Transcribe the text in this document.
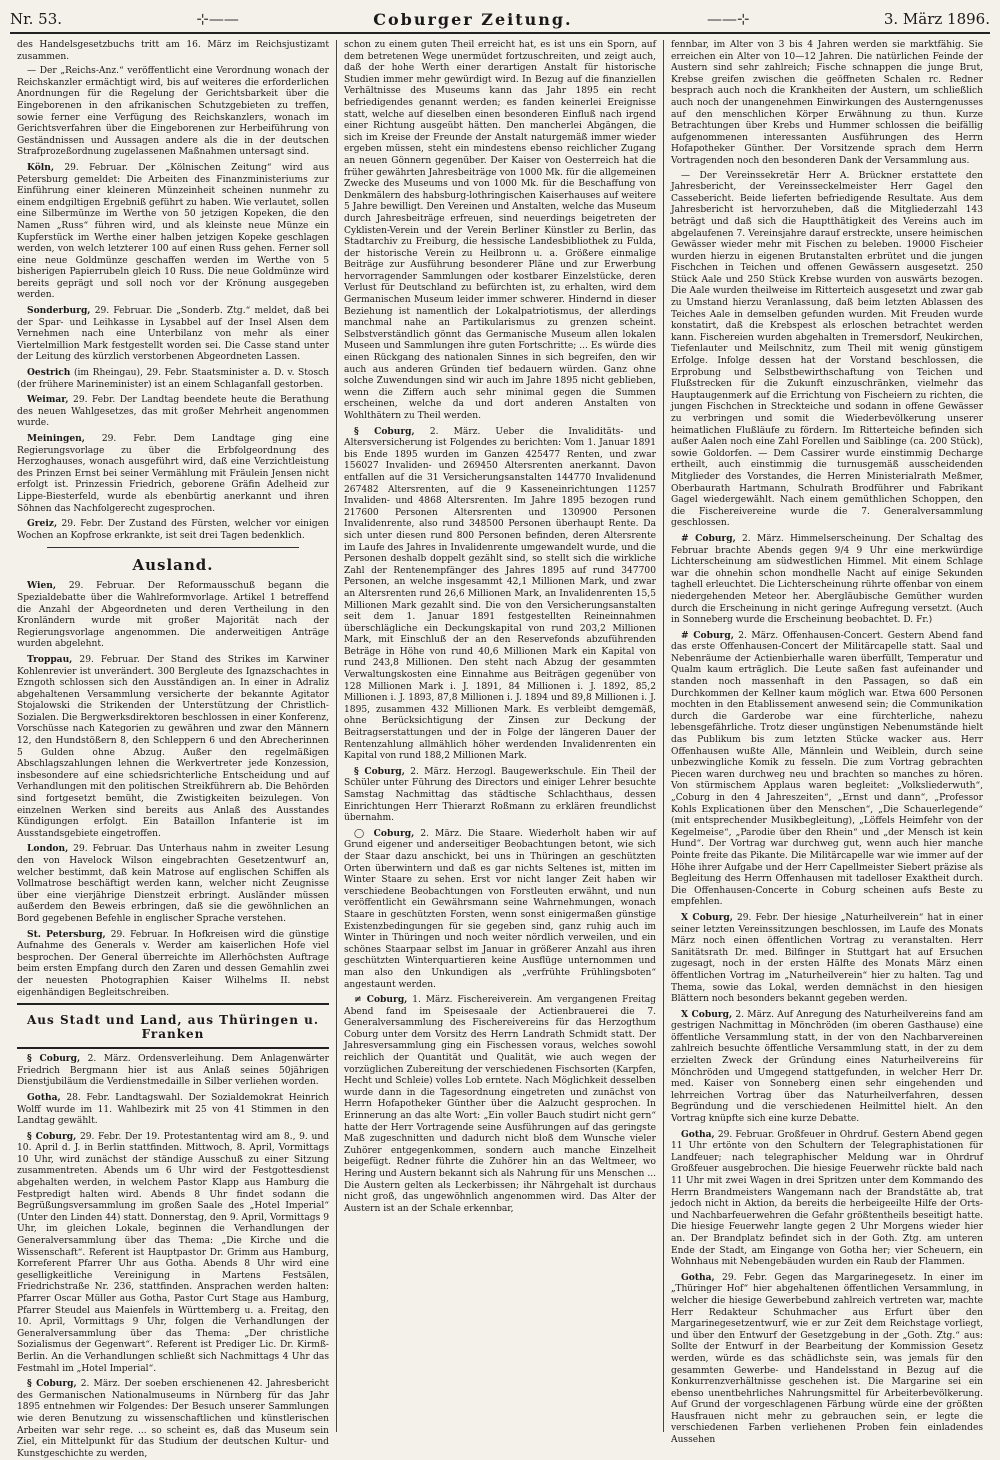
Nr. 53.	⊹——	Coburger Zeitung.	——⊹	3. März 1896.

des Handelsgesetzbuchs tritt am 16. März im Reichsjustizamt zusammen.

— Der „Reichs-Anz.“ veröffentlicht eine Verordnung wonach der Reichskanzler ermächtigt wird, bis auf weiteres die erforderlichen Anordnungen für die Regelung der Gerichtsbarkeit über die Eingeborenen in den afrikanischen Schutzgebieten zu treffen, sowie ferner eine Verfügung des Reichskanzlers, wonach im Gerichtsverfahren über die Eingeborenen zur Herbeiführung von Geständnissen und Aussagen andere als die in der deutschen Strafprozeßordnung zugelassenen Maßnahmen untersagt sind.

Köln, 29. Februar. Der „Kölnischen Zeitung“ wird aus Petersburg gemeldet: Die Arbeiten des Finanzministeriums zur Einführung einer kleineren Münzeinheit scheinen nunmehr zu einem endgiltigen Ergebniß geführt zu haben. Wie verlautet, sollen eine Silbermünze im Werthe von 50 jetzigen Kopeken, die den Namen „Russ“ führen wird, und als kleinste neue Münze ein Kupferstück im Werthe einer halben jetzigen Kopeke geschlagen werden, von welch letzterer 100 auf einen Russ gehen. Ferner soll eine neue Goldmünze geschaffen werden im Werthe von 5 bisherigen Papierrubeln gleich 10 Russ. Die neue Goldmünze wird bereits geprägt und soll noch vor der Krönung ausgegeben werden.

Sonderburg, 29. Februar. Die „Sonderb. Ztg.“ meldet, daß bei der Spar- und Leihkasse in Lysabbel auf der Insel Alsen dem Vernehmen nach eine Unterbilanz von mehr als einer Viertelmillion Mark festgestellt worden sei. Die Casse stand unter der Leitung des kürzlich verstorbenen Abgeordneten Lassen.

Oestrich (im Rheingau), 29. Febr. Staatsminister a. D. v. Stosch (der frühere Marineminister) ist an einem Schlaganfall gestorben.

Weimar, 29. Febr. Der Landtag beendete heute die Berathung des neuen Wahlgesetzes, das mit großer Mehrheit angenommen wurde.

Meiningen, 29. Febr. Dem Landtage ging eine Regierungsvorlage zu über die Erbfolgeordnung des Herzoghauses, wonach ausgeführt wird, daß eine Verzichtleistung des Prinzen Ernst bei seiner Vermählung mit Fräulein Jensen nicht erfolgt ist. Prinzessin Friedrich, geborene Gräfin Adelheid zur Lippe-Biesterfeld, wurde als ebenbürtig anerkannt und ihren Söhnen das Nachfolgerecht zugesprochen.

Greiz, 29. Febr. Der Zustand des Fürsten, welcher vor einigen Wochen an Kopfrose erkrankte, ist seit drei Tagen bedenklich.

Ausland.

Wien, 29. Februar. Der Reformausschuß begann die Spezialdebatte über die Wahlreformvorlage. Artikel 1 betreffend die Anzahl der Abgeordneten und deren Vertheilung in den Kronländern wurde mit großer Majorität nach der Regierungsvorlage angenommen. Die anderweitigen Anträge wurden abgelehnt.

Troppau, 29. Februar. Der Stand des Strikes im Karwiner Kohlenrevier ist unverändert. 300 Bergleute des Ignazschachtes in Ezngoth schlossen sich den Ausständigen an. In einer in Adraliz abgehaltenen Versammlung versicherte der bekannte Agitator Stojalowski die Strikenden der Unterstützung der Christlich-Sozialen. Die Bergwerksdirektoren beschlossen in einer Konferenz, Vorschüsse nach Kategorien zu gewähren und zwar den Männern 12, den Hundstößern 8, den Schleppern 6 und den Abrecherinnen 5 Gulden ohne Abzug. Außer den regelmäßigen Abschlagszahlungen lehnen die Werkvertreter jede Konzession, insbesondere auf eine schiedsrichterliche Entscheidung und auf Verhandlungen mit den politischen Streikführern ab. Die Behörden sind fortgesetzt bemüht, die Zwistigkeiten beizulegen. Von einzelnen Werken sind bereits aus Anlaß des Ausstandes Kündigungen erfolgt. Ein Bataillon Infanterie ist im Ausstandsgebiete eingetroffen.

London, 29. Februar. Das Unterhaus nahm in zweiter Lesung den von Havelock Wilson eingebrachten Gesetzentwurf an, welcher bestimmt, daß kein Matrose auf englischen Schiffen als Vollmatrose beschäftigt werden kann, welcher nicht Zeugnisse über eine vierjährige Dienstzeit erbringt. Ausländer müssen außerdem den Beweis erbringen, daß sie die gewöhnlichen an Bord gegebenen Befehle in englischer Sprache verstehen.

St. Petersburg, 29. Februar. In Hofkreisen wird die günstige Aufnahme des Generals v. Werder am kaiserlichen Hofe viel besprochen. Der General überreichte im Allerhöchsten Auftrage beim ersten Empfang durch den Zaren und dessen Gemahlin zwei der neuesten Photographien Kaiser Wilhelms II. nebst eigenhändigen Begleitschreiben.

Aus Stadt und Land, aus Thüringen u. Franken

§ Coburg, 2. März. Ordensverleihung. Dem Anlagenwärter Friedrich Bergmann hier ist aus Anlaß seines 50jährigen Dienstjubiläum die Verdienstmedaille in Silber verliehen worden.

Gotha, 28. Febr. Landtagswahl. Der Sozialdemokrat Heinrich Wolff wurde im 11. Wahlbezirk mit 25 von 41 Stimmen in den Landtag gewählt.

§ Coburg, 29. Febr. Der 19. Protestantentag wird am 8., 9. und 10. April d. J. in Berlin stattfinden. Mittwoch, 8. April, Vormittags 10 Uhr, wird zunächst der ständige Ausschuß zu einer Sitzung zusammentreten. Abends um 6 Uhr wird der Festgottesdienst abgehalten werden, in welchem Pastor Klapp aus Hamburg die Festpredigt halten wird. Abends 8 Uhr findet sodann die Begrüßungsversammlung im großen Saale des „Hotel Imperial“ (Unter den Linden 44) statt. Donnerstag, den 9. April, Vormittags 9 Uhr, im gleichen Lokale, beginnen die Verhandlungen der Generalversammlung über das Thema: „Die Kirche und die Wissenschaft“. Referent ist Hauptpastor Dr. Grimm aus Hamburg, Korreferent Pfarrer Uhr aus Gotha. Abends 8 Uhr wird eine geselligkeitliche Vereinigung in Martens Festsälen, Friedrichstraße Nr. 236, stattfinden. Ansprachen werden halten: Pfarrer Oscar Müller aus Gotha, Pastor Curt Stage aus Hamburg, Pfarrer Steudel aus Maienfels in Württemberg u. a. Freitag, den 10. April, Vormittags 9 Uhr, folgen die Verhandlungen der Generalversammlung über das Thema: „Der christliche Sozialismus der Gegenwart“. Referent ist Prediger Lic. Dr. Kirmß-Berlin. An die Verhandlungen schließt sich Nachmittags 4 Uhr das Festmahl im „Hotel Imperial“.

§ Coburg, 2. März. Der soeben erschienenen 42. Jahresbericht des Germanischen Nationalmuseums in Nürnberg für das Jahr 1895 entnehmen wir Folgendes: Der Besuch unserer Sammlungen wie deren Benutzung zu wissenschaftlichen und künstlerischen Arbeiten war sehr rege. ... so scheint es, daß das Museum sein Ziel, ein Mittelpunkt für das Studium der deutschen Kultur- und Kunstgeschichte zu werden,

schon zu einem guten Theil erreicht hat, es ist uns ein Sporn, auf dem betretenen Wege unermüdet fortzuschreiten, und zeigt auch, daß der hohe Werth einer derartigen Anstalt für historische Studien immer mehr gewürdigt wird. In Bezug auf die finanziellen Verhältnisse des Museums kann das Jahr 1895 ein recht befriedigendes genannt werden; es fanden keinerlei Ereignisse statt, welche auf dieselben einen besonderen Einfluß nach irgend einer Richtung ausgeübt hätten. Den mancherlei Abgängen, die sich im Kreise der Freunde der Anstalt naturgemäß immer wieder ergeben müssen, steht ein mindestens ebenso reichlicher Zugang an neuen Gönnern gegenüber. Der Kaiser von Oesterreich hat die früher gewährten Jahresbeiträge von 1000 Mk. für die allgemeinen Zwecke des Museums und von 1000 Mk. für die Beschaffung von Denkmälern des habsburg-lothringischen Kaiserhauses auf weitere 5 Jahre bewilligt. Den Vereinen und Anstalten, welche das Museum durch Jahresbeiträge erfreuen, sind neuerdings beigetreten der Cyklisten-Verein und der Verein Berliner Künstler zu Berlin, das Stadtarchiv zu Freiburg, die hessische Landesbibliothek zu Fulda, der historische Verein zu Heilbronn u. a. Größere einmalige Beiträge zur Ausführung besonderer Pläne und zur Erwerbung hervorragender Sammlungen oder kostbarer Einzelstücke, deren Verlust für Deutschland zu befürchten ist, zu erhalten, wird dem Germanischen Museum leider immer schwerer. Hindernd in dieser Beziehung ist namentlich der Lokalpatriotismus, der allerdings manchmal nahe an Partikularismus zu grenzen scheint. Selbstverständlich gönnt das Germanische Museum allen lokalen Museen und Sammlungen ihre guten Fortschritte; ... Es würde dies einen Rückgang des nationalen Sinnes in sich begreifen, den wir auch aus anderen Gründen tief bedauern würden. Ganz ohne solche Zuwendungen sind wir auch im Jahre 1895 nicht geblieben, wenn die Ziffern auch sehr minimal gegen die Summen erscheinen, welche da und dort anderen Anstalten von Wohlthätern zu Theil werden.

§ Coburg, 2. März. Ueber die Invaliditäts- und Altersversicherung ist Folgendes zu berichten: Vom 1. Januar 1891 bis Ende 1895 wurden im Ganzen 425477 Renten, und zwar 156027 Invaliden- und 269450 Altersrenten anerkannt. Davon entfallen auf die 31 Versicherungsanstalten 144770 Invalidenund 267482 Altersrenten, auf die 9 Kasseneinrichtungen 11257 Invaliden- und 4868 Altersrenten. Im Jahre 1895 bezogen rund 217600 Personen Altersrenten und 130900 Personen Invalidenrente, also rund 348500 Personen überhaupt Rente. Da sich unter diesen rund 800 Personen befinden, deren Altersrente im Laufe des Jahres in Invalidenrente umgewandelt wurde, und die Personen deshalb doppelt gezählt sind, so stellt sich die wirkliche Zahl der Rentenempfänger des Jahres 1895 auf rund 347700 Personen, an welche insgesammt 42,1 Millionen Mark, und zwar an Altersrenten rund 26,6 Millionen Mark, an Invalidenrenten 15,5 Millionen Mark gezahlt sind. Die von den Versicherungsanstalten seit dem 1. Januar 1891 festgestellten Reineinnahmen überschlägliche ein Deckungskapital von rund 203,2 Millionen Mark, mit Einschluß der an den Reservefonds abzuführenden Beträge in Höhe von rund 40,6 Millionen Mark ein Kapital von rund 243,8 Millionen. Den steht nach Abzug der gesammten Verwaltungskosten eine Einnahme aus Beiträgen gegenüber von 128 Millionen Mark i. J. 1891, 84 Millionen i. J. 1892, 85,2 Millionen i. J. 1893, 87,8 Millionen i. J. 1894 und 89,8 Millionen i. J. 1895, zusammen 432 Millionen Mark. Es verbleibt demgemäß, ohne Berücksichtigung der Zinsen zur Deckung der Beitragserstattungen und der in Folge der längeren Dauer der Rentenzahlung allmählich höher werdenden Invalidenrenten ein Kapital von rund 188,2 Millionen Mark.

§ Coburg, 2. März. Herzogl. Baugewerkschule. Ein Theil der Schüler unter Führung des Directors und einiger Lehrer besuchte Samstag Nachmittag das städtische Schlachthaus, dessen Einrichtungen Herr Thierarzt Roßmann zu erklären freundlichst übernahm.

◯ Coburg, 2. März. Die Staare. Wiederholt haben wir auf Grund eigener und anderseitiger Beobachtungen betont, wie sich der Staar dazu anschickt, bei uns in Thüringen an geschützten Orten überwintern und daß es gar nichts Seltenes ist, mitten im Winter Staare zu sehen. Erst vor nicht langer Zeit haben wir verschiedene Beobachtungen von Forstleuten erwähnt, und nun veröffentlicht ein Gewährsmann seine Wahrnehmungen, wonach Staare in geschützten Forsten, wenn sonst einigermaßen günstige Existenzbedingungen für sie gegeben sind, ganz ruhig auch im Winter in Thüringen und noch weiter nördlich verweilen, und ein schönes Staarpaar selbst im Januar in größerer Anzahl aus ihren geschützten Winterquartieren keine Ausflüge unternommen und man also den Unkundigen als „verfrühte Frühlingsboten“ angestaunt werden.

≠ Coburg, 1. März. Fischereiverein. Am vergangenen Freitag Abend fand im Speisesaale der Actienbrauerei die 7. Generalversammlung des Fischereivereins für das Herzogthum Coburg unter dem Vorsitz des Herrn Landrath Schmidt statt. Der Jahresversammlung ging ein Fischessen voraus, welches sowohl reichlich der Quantität und Qualität, wie auch wegen der vorzüglichen Zubereitung der verschiedenen Fischsorten (Karpfen, Hecht und Schleie) volles Lob erntete. Nach Möglichkeit desselben wurde dann in die Tagesordnung eingetreten und zunächst von Herrn Hofapotheker Günther über die Aalzucht gesprochen. In Erinnerung an das alte Wort: „Ein voller Bauch studirt nicht gern“ hatte der Herr Vortragende seine Ausführungen auf das geringste Maß zugeschnitten und dadurch nicht bloß dem Wunsche vieler Zuhörer entgegenkommen, sondern auch manche Einzelheit beigefügt. Redner führte die Zuhörer hin an das Weltmeer, wo Hering und Austern bekannt sich als Nahrung für uns Menschen ... Die Austern gelten als Leckerbissen; ihr Nährgehalt ist durchaus nicht groß, das ungewöhnlich angenommen wird. Das Alter der Austern ist an der Schale erkennbar,

fennbar, im Alter von 3 bis 4 Jahren werden sie marktfähig. Sie erreichen ein Alter von 10—12 Jahren. Die natürlichen Feinde der Austern sind sehr zahlreich; Fische schnappen die junge Brut, Krebse greifen zwischen die geöffneten Schalen rc. Redner besprach auch noch die Krankheiten der Austern, um schließlich auch noch der unangenehmen Einwirkungen des Austerngenusses auf den menschlichen Körper Erwähnung zu thun. Kurze Betrachtungen über Krebs und Hummer schlossen die beifällig aufgenommenen interessanten Ausführungen des Herrn Hofapotheker Günther. Der Vorsitzende sprach dem Herrn Vortragenden noch den besonderen Dank der Versammlung aus.

— Der Vereinssekretär Herr A. Brückner erstattete den Jahresbericht, der Vereinsseckelmeister Herr Gagel den Cassebericht. Beide lieferten befriedigende Resultate. Aus dem Jahresbericht ist hervorzuheben, daß die Mitgliederzahl 143 beträgt und daß sich die Hauptthätigkeit des Vereins auch im abgelaufenen 7. Vereinsjahre darauf erstreckte, unsere heimischen Gewässer wieder mehr mit Fischen zu beleben. 19000 Fischeier wurden hierzu in eigenen Brutanstalten erbrütet und die jungen Fischchen in Teichen und offenen Gewässern ausgesetzt. 250 Stück Aale und 250 Stück Krebse wurden von auswärts bezogen. Die Aale wurden theilweise im Ritterteich ausgesetzt und zwar gab zu Umstand hierzu Veranlassung, daß beim letzten Ablassen des Teiches Aale in demselben gefunden wurden. Mit Freuden wurde konstatirt, daß die Krebspest als erloschen betrachtet werden kann. Fischereien wurden abgehalten in Tremersdorf, Neukirchen, Tiefenlauter und Meilschnitz, zum Theil mit wenig günstigem Erfolge. Infolge dessen hat der Vorstand beschlossen, die Erprobung und Selbstbewirthschaftung von Teichen und Flußstrecken für die Zukunft einzuschränken, vielmehr das Hauptaugenmerk auf die Errichtung von Fischeiern zu richten, die jungen Fischchen in Streckteiche und sodann in offene Gewässer zu verbringen und somit die Wiederbevölkerung unserer heimatlichen Flußläufe zu fördern. Im Ritterteiche befinden sich außer Aalen noch eine Zahl Forellen und Saiblinge (ca. 200 Stück), sowie Goldorfen. — Dem Cassirer wurde einstimmig Decharge ertheilt, auch einstimmig die turnusgemäß ausscheidenden Mitglieder des Vorstandes, die Herren Ministerialrath Meßmer, Oberbaurath Hartmann, Schulrath Brodführer und Fabrikant Gagel wiedergewählt. Nach einem gemüthlichen Schoppen, den die Fischereivereine wurde die 7. Generalversammlung geschlossen.

# Coburg, 2. März. Himmelserscheinung. Der Schaltag des Februar brachte Abends gegen 9/4 9 Uhr eine merkwürdige Lichterscheinung am südwestlichen Himmel. Mit einem Schlage war die ohnehin schon mondhelle Nacht auf einige Sekunden taghell erleuchtet. Die Lichterscheinung rührte offenbar von einem niedergehenden Meteor her. Abergläubische Gemüther wurden durch die Erscheinung in nicht geringe Aufregung versetzt. (Auch in Sonneberg wurde die Erscheinung beobachtet. D. Fr.)

# Coburg, 2. März. Offenhausen-Concert. Gestern Abend fand das erste Offenhausen-Concert der Militärcapelle statt. Saal und Nebenräume der Actienbierhalle waren überfüllt, Temperatur und Qualm kaum erträglich. Die Leute saßen fast aufeinander und standen noch massenhaft in den Passagen, so daß ein Durchkommen der Kellner kaum möglich war. Etwa 600 Personen mochten in den Etablissement anwesend sein; die Communikation durch die Garderobe war eine fürchterliche, nahezu lebensgefährliche. Trotz dieser ungünstigen Nebenumstände hielt das Publikum bis zum letzten Stücke wacker aus. Herr Offenhausen wußte Alle, Männlein und Weiblein, durch seine unbezwingliche Komik zu fesseln. Die zum Vortrag gebrachten Piecen waren durchweg neu und brachten so manches zu hören. Von stürmischem Applaus waren begleitet: „Volksliederwuth“, „Coburg in den 4 Jahreszeiten“, „Ernst und dann“, „Professor Kohls Explicationen über den Menschen“, „Die Schauerlegende“ (mit entsprechender Musikbegleitung), „Löffels Heimfehr von der Kegelmeise“, „Parodie über den Rhein“ und „der Mensch ist kein Hund“. Der Vortrag war durchweg gut, wenn auch hier manche Pointe freite das Pikante. Die Militärcapelle war wie immer auf der Höhe ihrer Aufgabe und der Herr Capellmeister Siebert präzise als Begleitung des Herrn Offenhausen mit tadelloser Exaktheit durch. Die Offenhausen-Concerte in Coburg scheinen aufs Beste zu empfehlen.

X Coburg, 29. Febr. Der hiesige „Naturheilverein“ hat in einer seiner letzten Vereinssitzungen beschlossen, im Laufe des Monats März noch einen öffentlichen Vortrag zu veranstalten. Herr Sanitätsrath Dr. med. Bilfinger in Stuttgart hat auf Ersuchen zugesagt, noch in der ersten Hälfte des Monats März einen öffentlichen Vortrag im „Naturheilverein“ hier zu halten. Tag und Thema, sowie das Lokal, werden demnächst in den hiesigen Blättern noch besonders bekannt gegeben werden.

X Coburg, 2. März. Auf Anregung des Naturheilvereins fand am gestrigen Nachmittag in Mönchröden (im oberen Gasthause) eine öffentliche Versammlung statt, in der von den Nachbarvereinen zahlreich besuchte öffentliche Versammlung statt, in der zu dem erzielten Zweck der Gründung eines Naturheilvereins für Mönchröden und Umgegend stattgefunden, in welcher Herr Dr. med. Kaiser von Sonneberg einen sehr eingehenden und lehrreichen Vortrag über das Naturheilverfahren, dessen Begründung und die verschiedenen Heilmittel hielt. An den Vortrag knüpfte sich eine kurze Debatte.

Gotha, 29. Februar. Großfeuer in Ohrdruf. Gestern Abend gegen 11 Uhr ertönte von den Schultern der Telegraphistationen für Landfeuer; nach telegraphischer Meldung war in Ohrdruf Großfeuer ausgebrochen. Die hiesige Feuerwehr rückte bald nach 11 Uhr mit zwei Wagen in drei Spritzen unter dem Kommando des Herrn Brandmeisters Wangemann nach der Brandstätte ab, trat jedoch nicht in Aktion, da bereits die herbeigeeilte Hilfe der Orts- und Nachbarfeuerwehren die Gefahr größtentheils beseitigt hatte. Die hiesige Feuerwehr langte gegen 2 Uhr Morgens wieder hier an. Der Brandplatz befindet sich in der Goth. Ztg. am unteren Ende der Stadt, am Eingange von Gotha her; vier Scheuern, ein Wohnhaus mit Nebengebäuden wurden ein Raub der Flammen.

Gotha, 29. Febr. Gegen das Margarinegesetz. In einer im „Thüringer Hof“ hier abgehaltenen öffentlichen Versammlung, in welcher die hiesige Gewerbebund zahlreich vertreten war, machte Herr Redakteur Schuhmacher aus Erfurt über den Margarinegesetzentwurf, wie er zur Zeit dem Reichstage vorliegt, und über den Entwurf der Gesetzgebung in der „Goth. Ztg.“ aus: Sollte der Entwurf in der Bearbeitung der Kommission Gesetz werden, würde es das schädlichste sein, was jemals für den gesammten Gewerbe- und Handelsstand in Bezug auf die Konkurrenzverhältnisse geschehen ist. Die Margarine sei ein ebenso unentbehrliches Nahrungsmittel für Arbeiterbevölkerung. Auf Grund der vorgeschlagenen Färbung würde eine der größten Hausfrauen nicht mehr zu gebrauchen sein, er legte die verschiedenen Farben verliehenen Proben fein einladendes Aussehen
